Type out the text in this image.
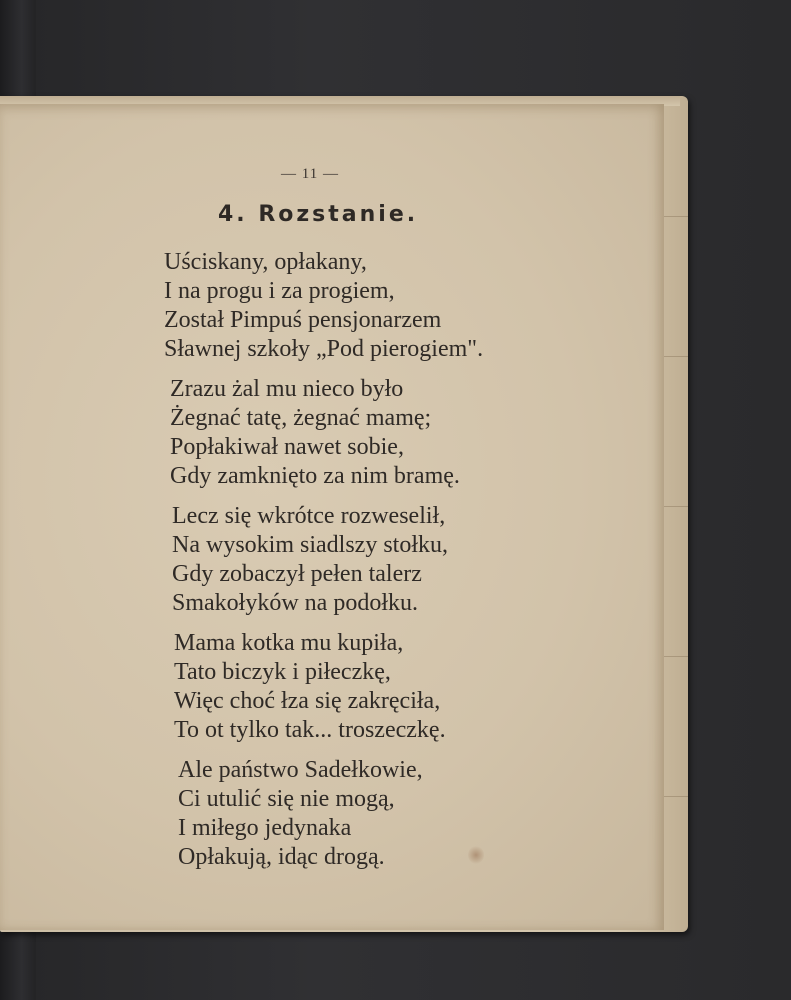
— 11 —
4. Rozstanie.
Uściskany, opłakany,
I na progu i za progiem,
Został Pimpuś pensjonarzem
Sławnej szkoły „Pod pierogiem".
Zrazu żal mu nieco było
Żegnać tatę, żegnać mamę;
Popłakiwał nawet sobie,
Gdy zamknięto za nim bramę.
Lecz się wkrótce rozweselił,
Na wysokim siadlszy stołku,
Gdy zobaczył pełen talerz
Smakołyków na podołku.
Mama kotka mu kupiła,
Tato biczyk i piłeczkę,
Więc choć łza się zakręciła,
To ot tylko tak... troszeczkę.
Ale państwo Sadełkowie,
Ci utulić się nie mogą,
I miłego jedynaka
Opłakują, idąc drogą.
